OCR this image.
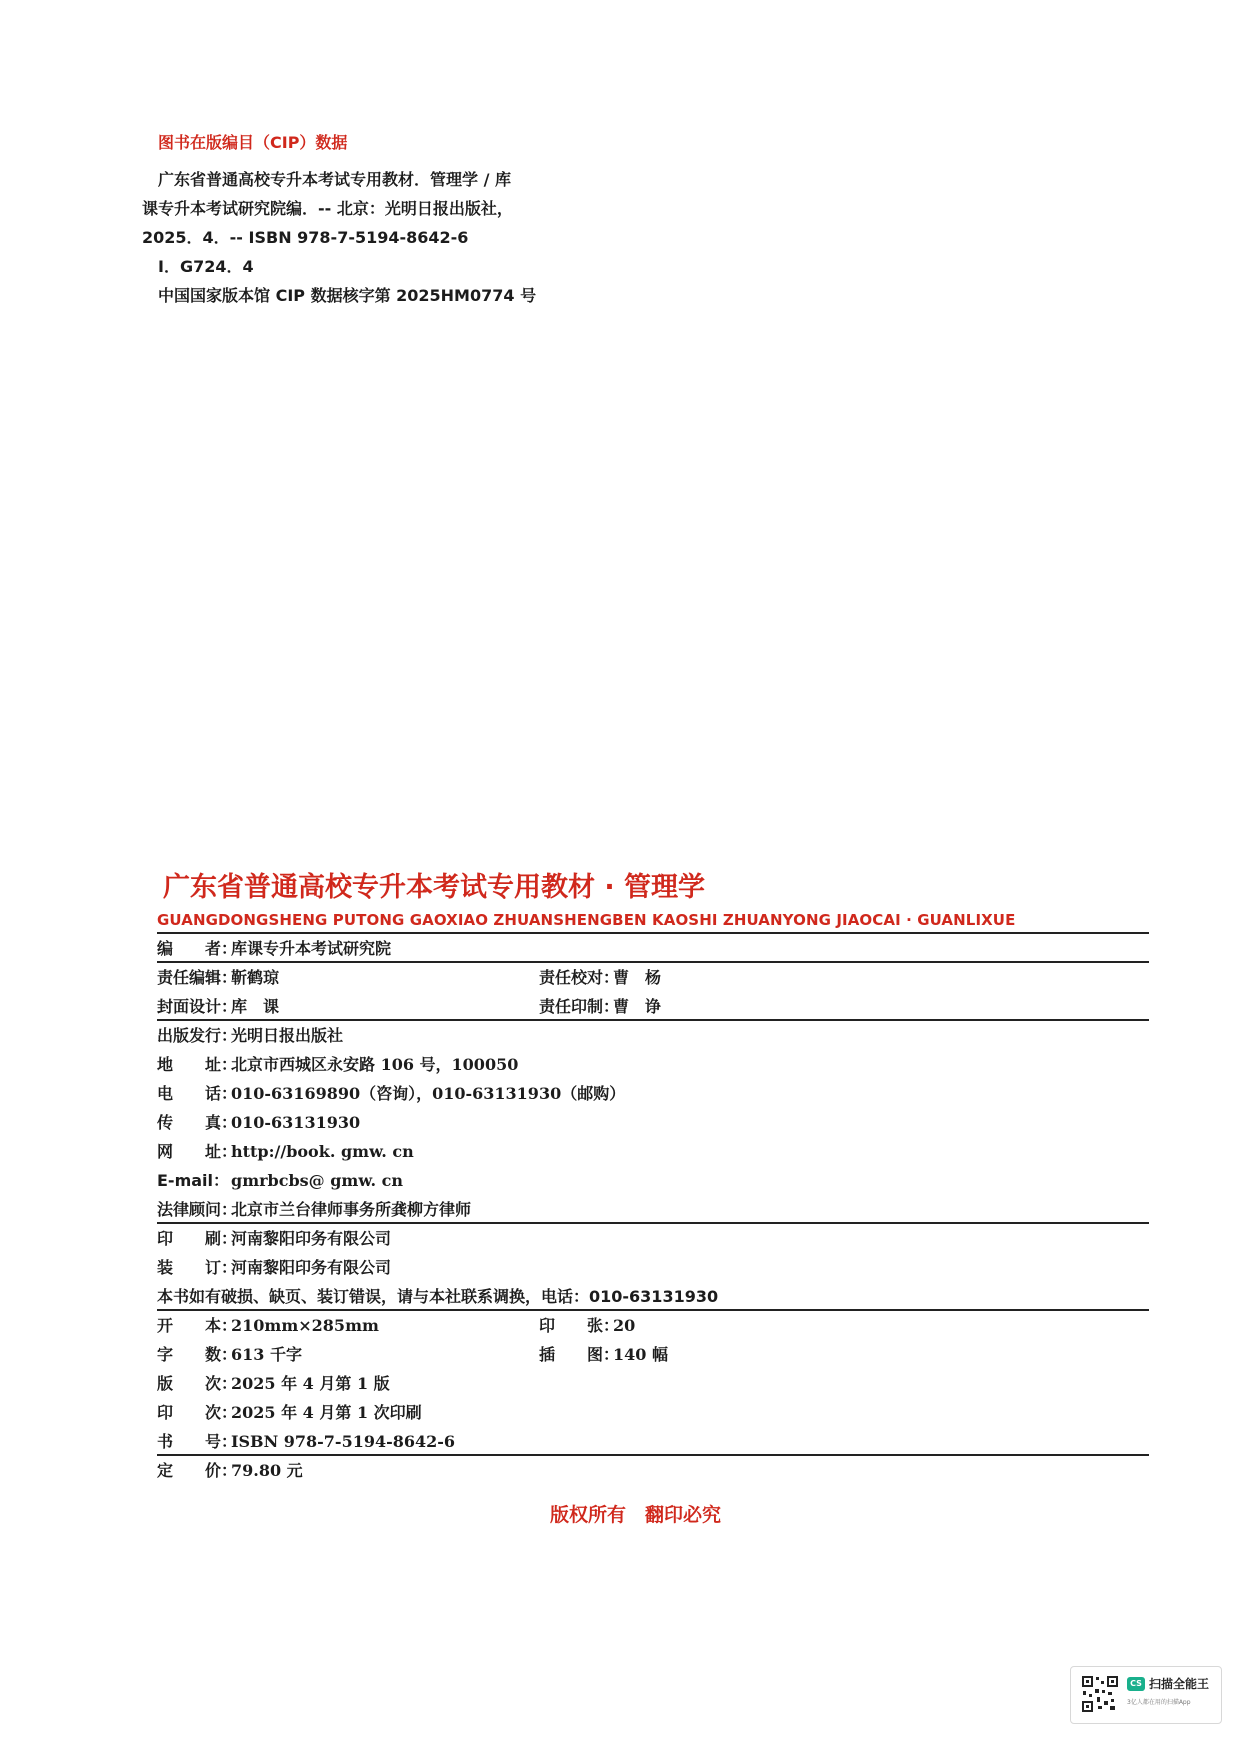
图书在版编目（CIP）数据
广东省普通高校专升本考试专用教材．管理学 / 库
课专升本考试研究院编．-- 北京：光明日报出版社，
2025．4．-- ISBN 978-7-5194-8642-6
Ⅰ．G724．4
中国国家版本馆 CIP 数据核字第 2025HM0774 号
广东省普通高校专升本考试专用教材 · 管理学
GUANGDONGSHENG PUTONG GAOXIAO ZHUANSHENGBEN KAOSHI ZHUANYONG JIAOCAI · GUANLIXUE
编　　者：库课专升本考试研究院
责任编辑：靳鹤琼	责任校对：曹　杨
封面设计：库　课	责任印制：曹　诤
出版发行：光明日报出版社
地　　址：北京市西城区永安路 106 号，100050
电　　话：010-63169890（咨询），010-63131930（邮购）
传　　真：010-63131930
网　　址：http://book. gmw. cn
E-mail： gmrbcbs@ gmw. cn
法律顾问：北京市兰台律师事务所龚柳方律师
印　　刷：河南黎阳印务有限公司
装　　订：河南黎阳印务有限公司
本书如有破损、缺页、装订错误，请与本社联系调换，电话：010-63131930
开　　本：210mm×285mm	印　　张：20
字　　数：613 千字	插　　图：140 幅
版　　次：2025 年 4 月第 1 版
印　　次：2025 年 4 月第 1 次印刷
书　　号：ISBN 978-7-5194-8642-6
定　　价：79.80 元
版权所有　翻印必究
CS 扫描全能王
3亿人都在用的扫描App
